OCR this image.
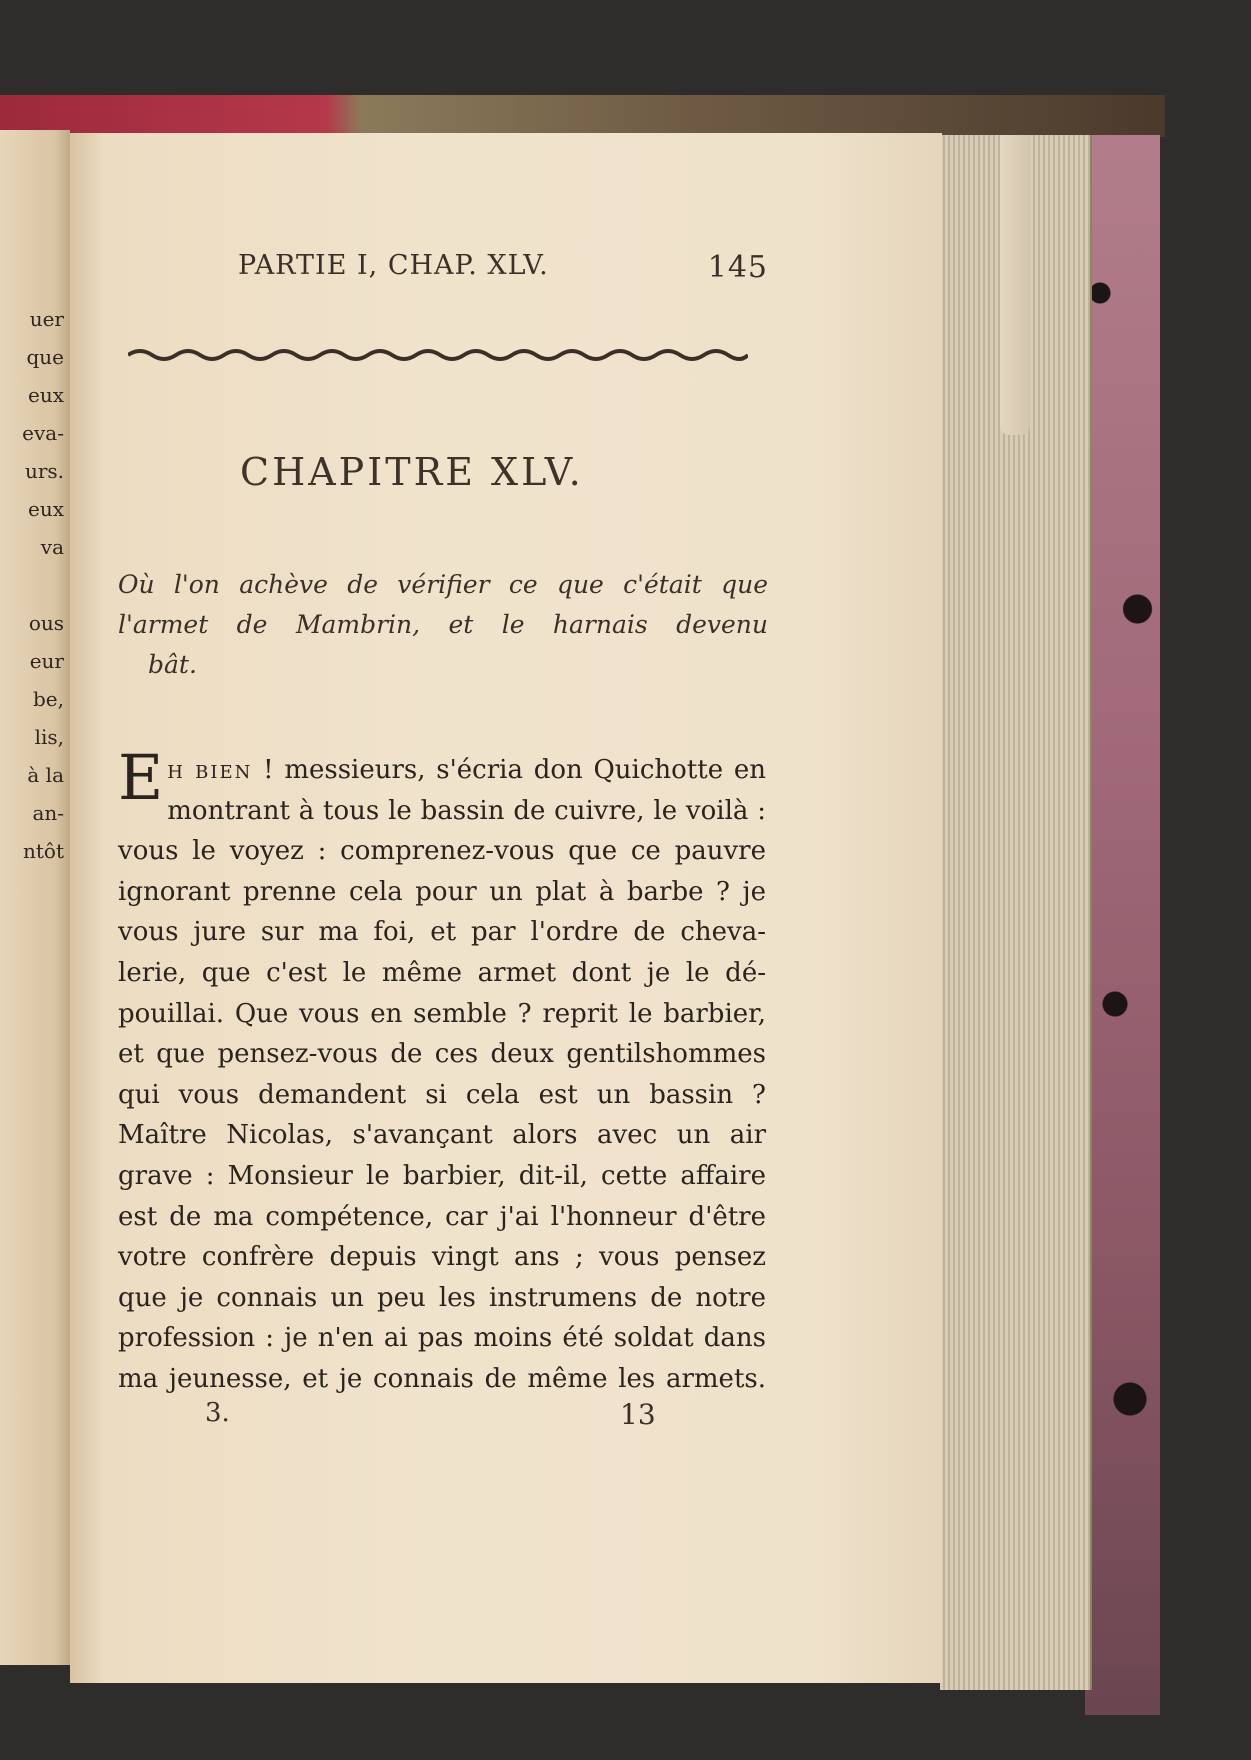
uer
que
eux
eva-
urs.
eux
va
ous
eur
be,
lis,
à la
an-
ntôt
PARTIE I, CHAP. XLV.	145
CHAPITRE XLV.
Où l'on achève de vérifier ce que c'était que
l'armet de Mambrin, et le harnais devenu
bât.
E H BIEN ! messieurs, s'écria don Quichotte en
montrant à tous le bassin de cuivre, le voilà :
vous le voyez : comprenez-vous que ce pauvre
ignorant prenne cela pour un plat à barbe ? je
vous jure sur ma foi, et par l'ordre de cheva-
lerie, que c'est le même armet dont je le dé-
pouillai. Que vous en semble ? reprit le barbier,
et que pensez-vous de ces deux gentilshommes
qui vous demandent si cela est un bassin ?
Maître Nicolas, s'avançant alors avec un air
grave : Monsieur le barbier, dit-il, cette affaire
est de ma compétence, car j'ai l'honneur d'être
votre confrère depuis vingt ans ; vous pensez
que je connais un peu les instrumens de notre
profession : je n'en ai pas moins été soldat dans
ma jeunesse, et je connais de même les armets.
3.	13
